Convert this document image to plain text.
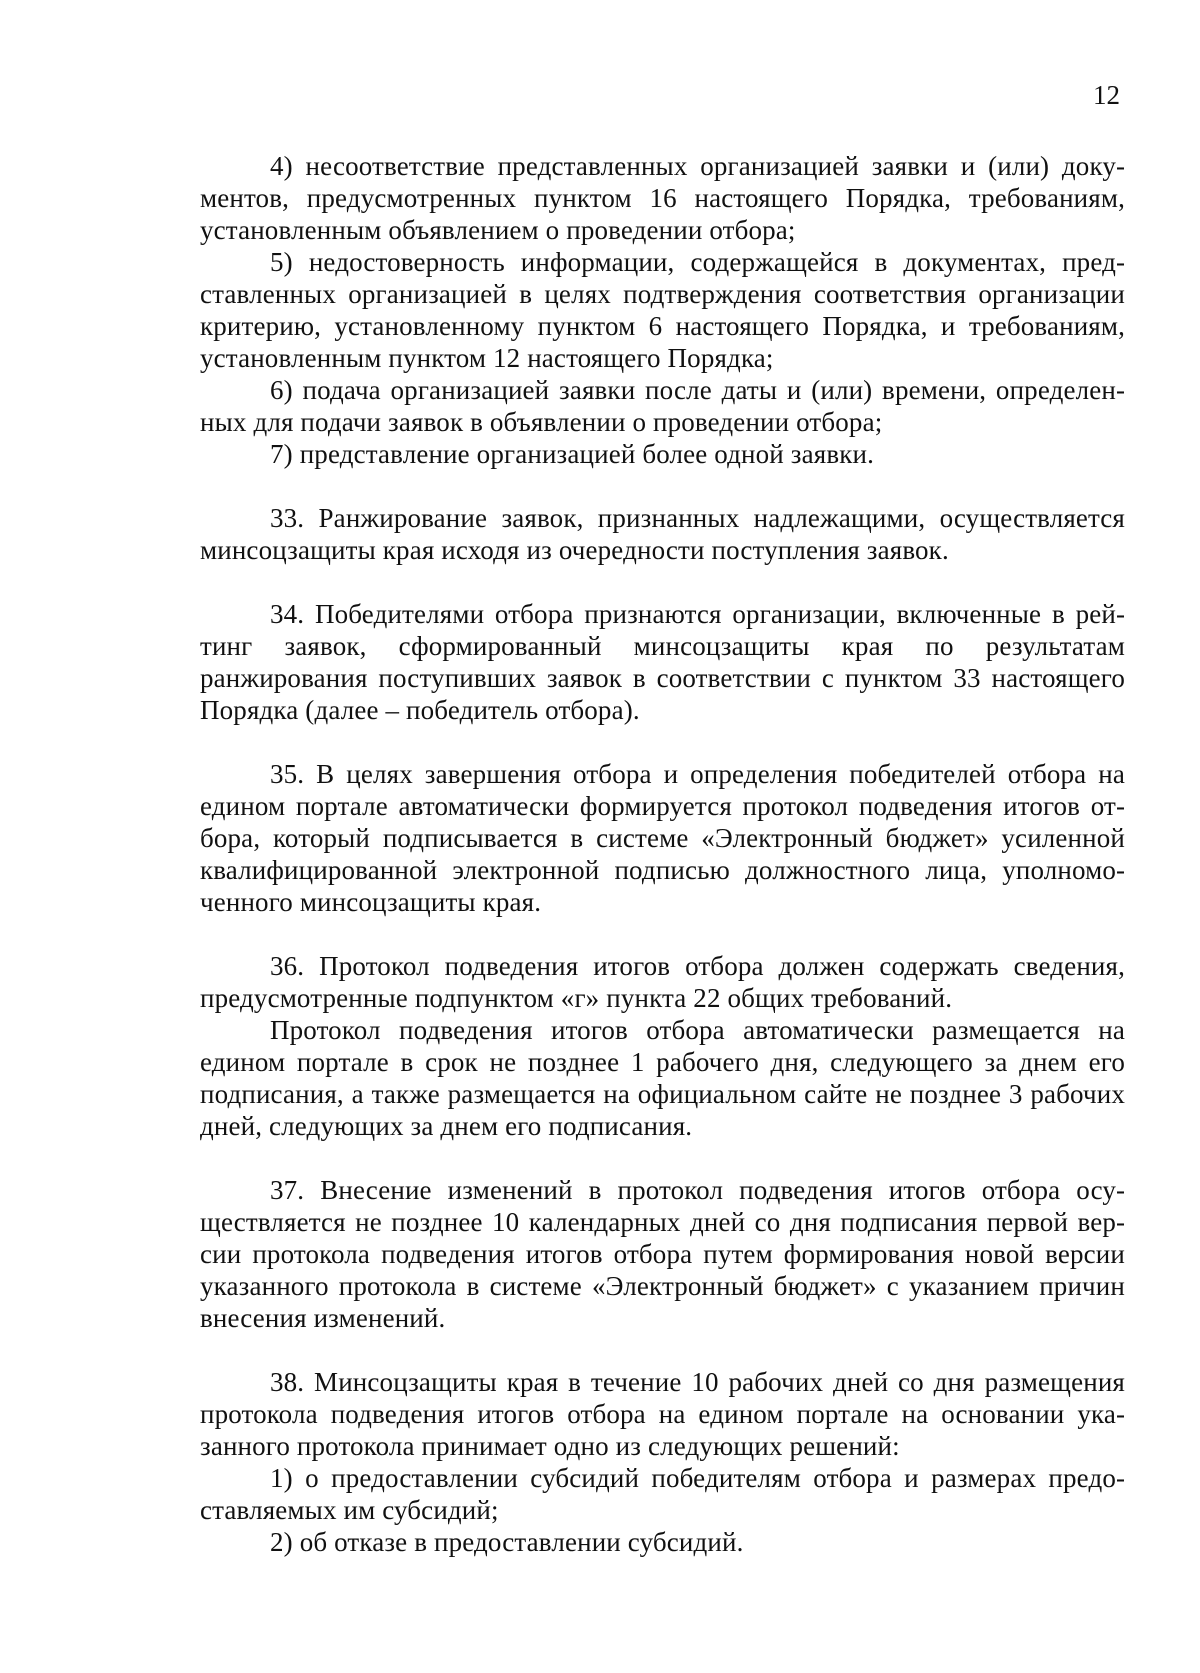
12

4) несоответствие представленных организацией заявки и (или) документов, предусмотренных пунктом 16 настоящего Порядка, требованиям, установленным объявлением о проведении отбора;

5) недостоверность информации, содержащейся в документах, представленных организацией в целях подтверждения соответствия организации критерию, установленному пунктом 6 настоящего Порядка, и требованиям, установленным пунктом 12 настоящего Порядка;

6) подача организацией заявки после даты и (или) времени, определенных для подачи заявок в объявлении о проведении отбора;

7) представление организацией более одной заявки.

33. Ранжирование заявок, признанных надлежащими, осуществляется минсоцзащиты края исходя из очередности поступления заявок.

34. Победителями отбора признаются организации, включенные в рейтинг заявок, сформированный минсоцзащиты края по результатам ранжирования поступивших заявок в соответствии с пунктом 33 настоящего Порядка (далее – победитель отбора).

35. В целях завершения отбора и определения победителей отбора на едином портале автоматически формируется протокол подведения итогов отбора, который подписывается в системе «Электронный бюджет» усиленной квалифицированной электронной подписью должностного лица, уполномоченного минсоцзащиты края.

36. Протокол подведения итогов отбора должен содержать сведения, предусмотренные подпунктом «г» пункта 22 общих требований.

Протокол подведения итогов отбора автоматически размещается на едином портале в срок не позднее 1 рабочего дня, следующего за днем его подписания, а также размещается на официальном сайте не позднее 3 рабочих дней, следующих за днем его подписания.

37. Внесение изменений в протокол подведения итогов отбора осуществляется не позднее 10 календарных дней со дня подписания первой версии протокола подведения итогов отбора путем формирования новой версии указанного протокола в системе «Электронный бюджет» с указанием причин внесения изменений.

38. Минсоцзащиты края в течение 10 рабочих дней со дня размещения протокола подведения итогов отбора на едином портале на основании указанного протокола принимает одно из следующих решений:

1) о предоставлении субсидий победителям отбора и размерах предоставляемых им субсидий;

2) об отказе в предоставлении субсидий.
